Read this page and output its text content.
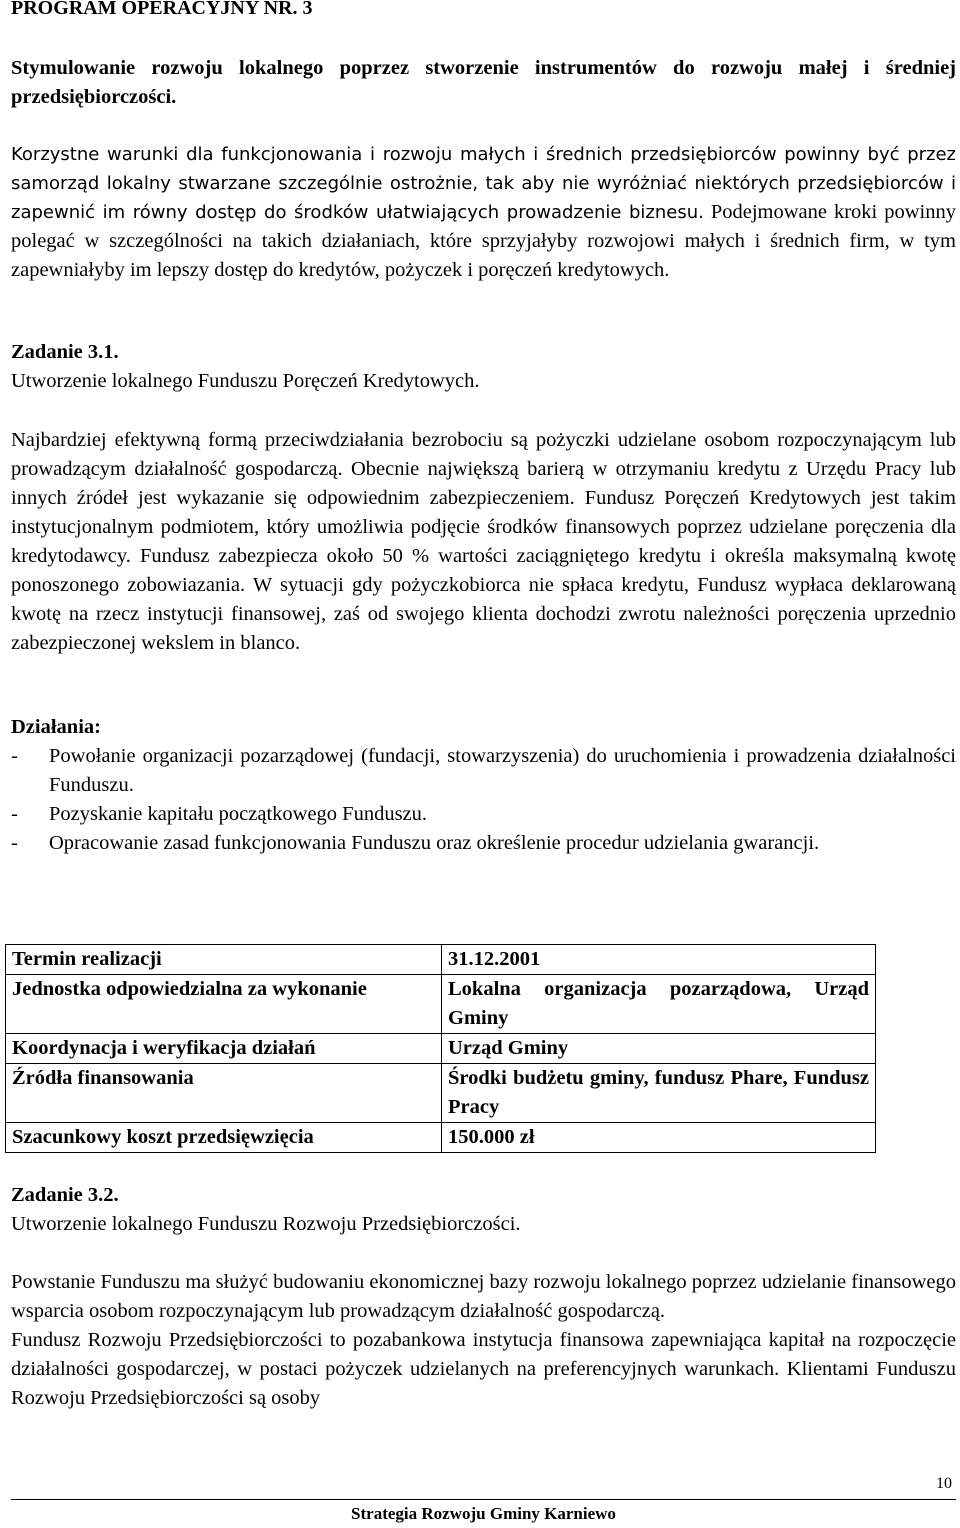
PROGRAM OPERACYJNY NR. 3

Stymulowanie rozwoju lokalnego poprzez stworzenie instrumentów do rozwoju małej i średniej przedsiębiorczości.

Korzystne warunki dla funkcjonowania i rozwoju małych i średnich przedsiębiorców powinny być przez samorząd lokalny stwarzane szczególnie ostrożnie, tak aby nie wyróżniać niektórych przedsiębiorców i zapewnić im równy dostęp do środków ułatwiających prowadzenie biznesu. Podejmowane kroki powinny polegać w szczególności na takich działaniach, które sprzyjałyby rozwojowi małych i średnich firm, w tym zapewniałyby im lepszy dostęp do kredytów, pożyczek i poręczeń kredytowych.

Zadanie 3.1.
Utworzenie lokalnego Funduszu Poręczeń Kredytowych.

Najbardziej efektywną formą przeciwdziałania bezrobociu są pożyczki udzielane osobom rozpoczynającym lub prowadzącym działalność gospodarczą. Obecnie największą barierą w otrzymaniu kredytu z Urzędu Pracy lub innych źródeł jest wykazanie się odpowiednim zabezpieczeniem. Fundusz Poręczeń Kredytowych jest takim instytucjonalnym podmiotem, który umożliwia podjęcie środków finansowych poprzez udzielane poręczenia dla kredytodawcy. Fundusz zabezpiecza około 50 % wartości zaciągniętego kredytu i określa maksymalną kwotę ponoszonego zobowiazania. W sytuacji gdy pożyczkobiorca nie spłaca kredytu, Fundusz wypłaca deklarowaną kwotę na rzecz instytucji finansowej, zaś od swojego klienta dochodzi zwrotu należności poręczenia uprzednio zabezpieczonej wekslem in blanco.

Działania:
- Powołanie organizacji pozarządowej (fundacji, stowarzyszenia) do uruchomienia i prowadzenia działalności Funduszu.
- Pozyskanie kapitału początkowego Funduszu.
- Opracowanie zasad funkcjonowania Funduszu oraz określenie procedur udzielania gwarancji.
Termin realizacji	31.12.2001
Jednostka odpowiedzialna za wykonanie	Lokalna organizacja pozarządowa, Urząd Gminy
Koordynacja i weryfikacja działań	Urząd Gminy
Źródła finansowania	Środki budżetu gminy, fundusz Phare, Fundusz Pracy
Szacunkowy koszt przedsięwzięcia	150.000 zł
Zadanie 3.2.
Utworzenie lokalnego Funduszu Rozwoju Przedsiębiorczości.

Powstanie Funduszu ma służyć budowaniu ekonomicznej bazy rozwoju lokalnego poprzez udzielanie finansowego wsparcia osobom rozpoczynającym lub prowadzącym działalność gospodarczą.

Fundusz Rozwoju Przedsiębiorczości to pozabankowa instytucja finansowa zapewniająca kapitał na rozpoczęcie działalności gospodarczej, w postaci pożyczek udzielanych na preferencyjnych warunkach. Klientami Funduszu Rozwoju Przedsiębiorczości są osoby

10
Strategia Rozwoju Gminy Karniewo
